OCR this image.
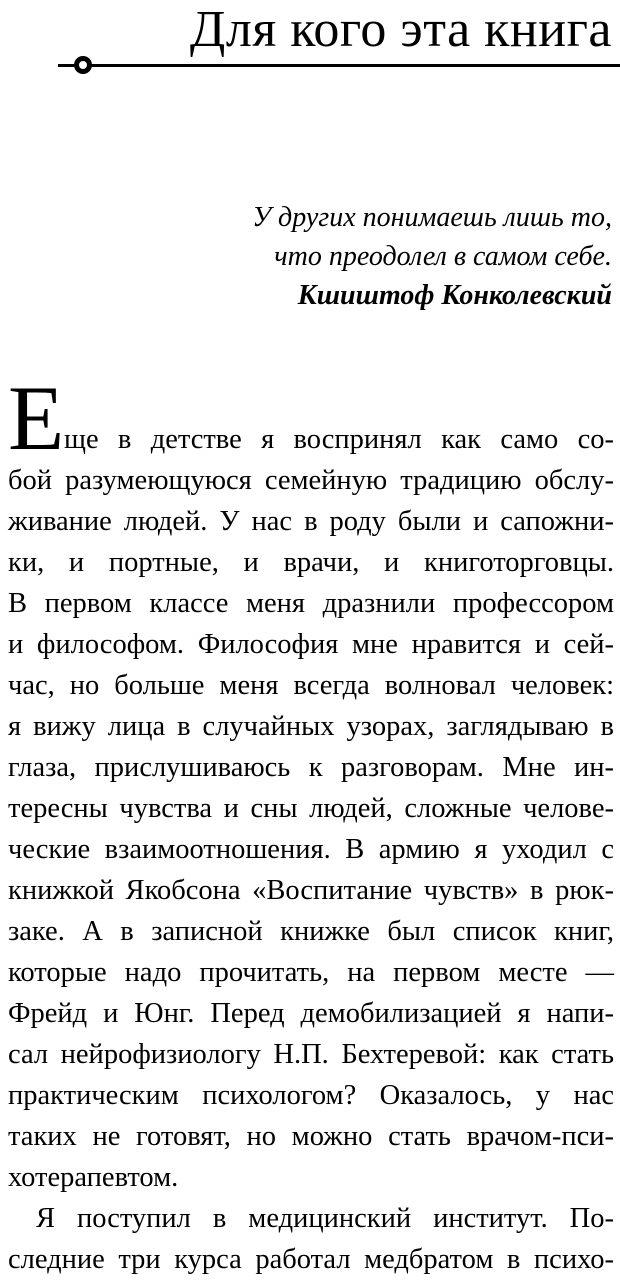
Для кого эта книга
У других понимаешь лишь то,
что преодолел в самом себе.
Кшиштоф Конколевский
Е ще в детстве я воспринял как само со-
бой разумеющуюся семейную традицию обслу-
живание людей. У нас в роду были и сапожни-
ки, и портные, и врачи, и книготорговцы.
В первом классе меня дразнили профессором
и философом. Философия мне нравится и сей-
час, но больше меня всегда волновал человек:
я вижу лица в случайных узорах, заглядываю в
глаза, прислушиваюсь к разговорам. Мне ин-
тересны чувства и сны людей, сложные челове-
ческие взаимоотношения. В армию я уходил с
книжкой Якобсона «Воспитание чувств» в рюк-
заке. А в записной книжке был список книг,
которые надо прочитать, на первом месте —
Фрейд и Юнг. Перед демобилизацией я напи-
сал нейрофизиологу Н.П. Бехтеревой: как стать
практическим психологом? Оказалось, у нас
таких не готовят, но можно стать врачом-пси-
хотерапевтом.
Я поступил в медицинский институт. По-
следние три курса работал медбратом в психо-
